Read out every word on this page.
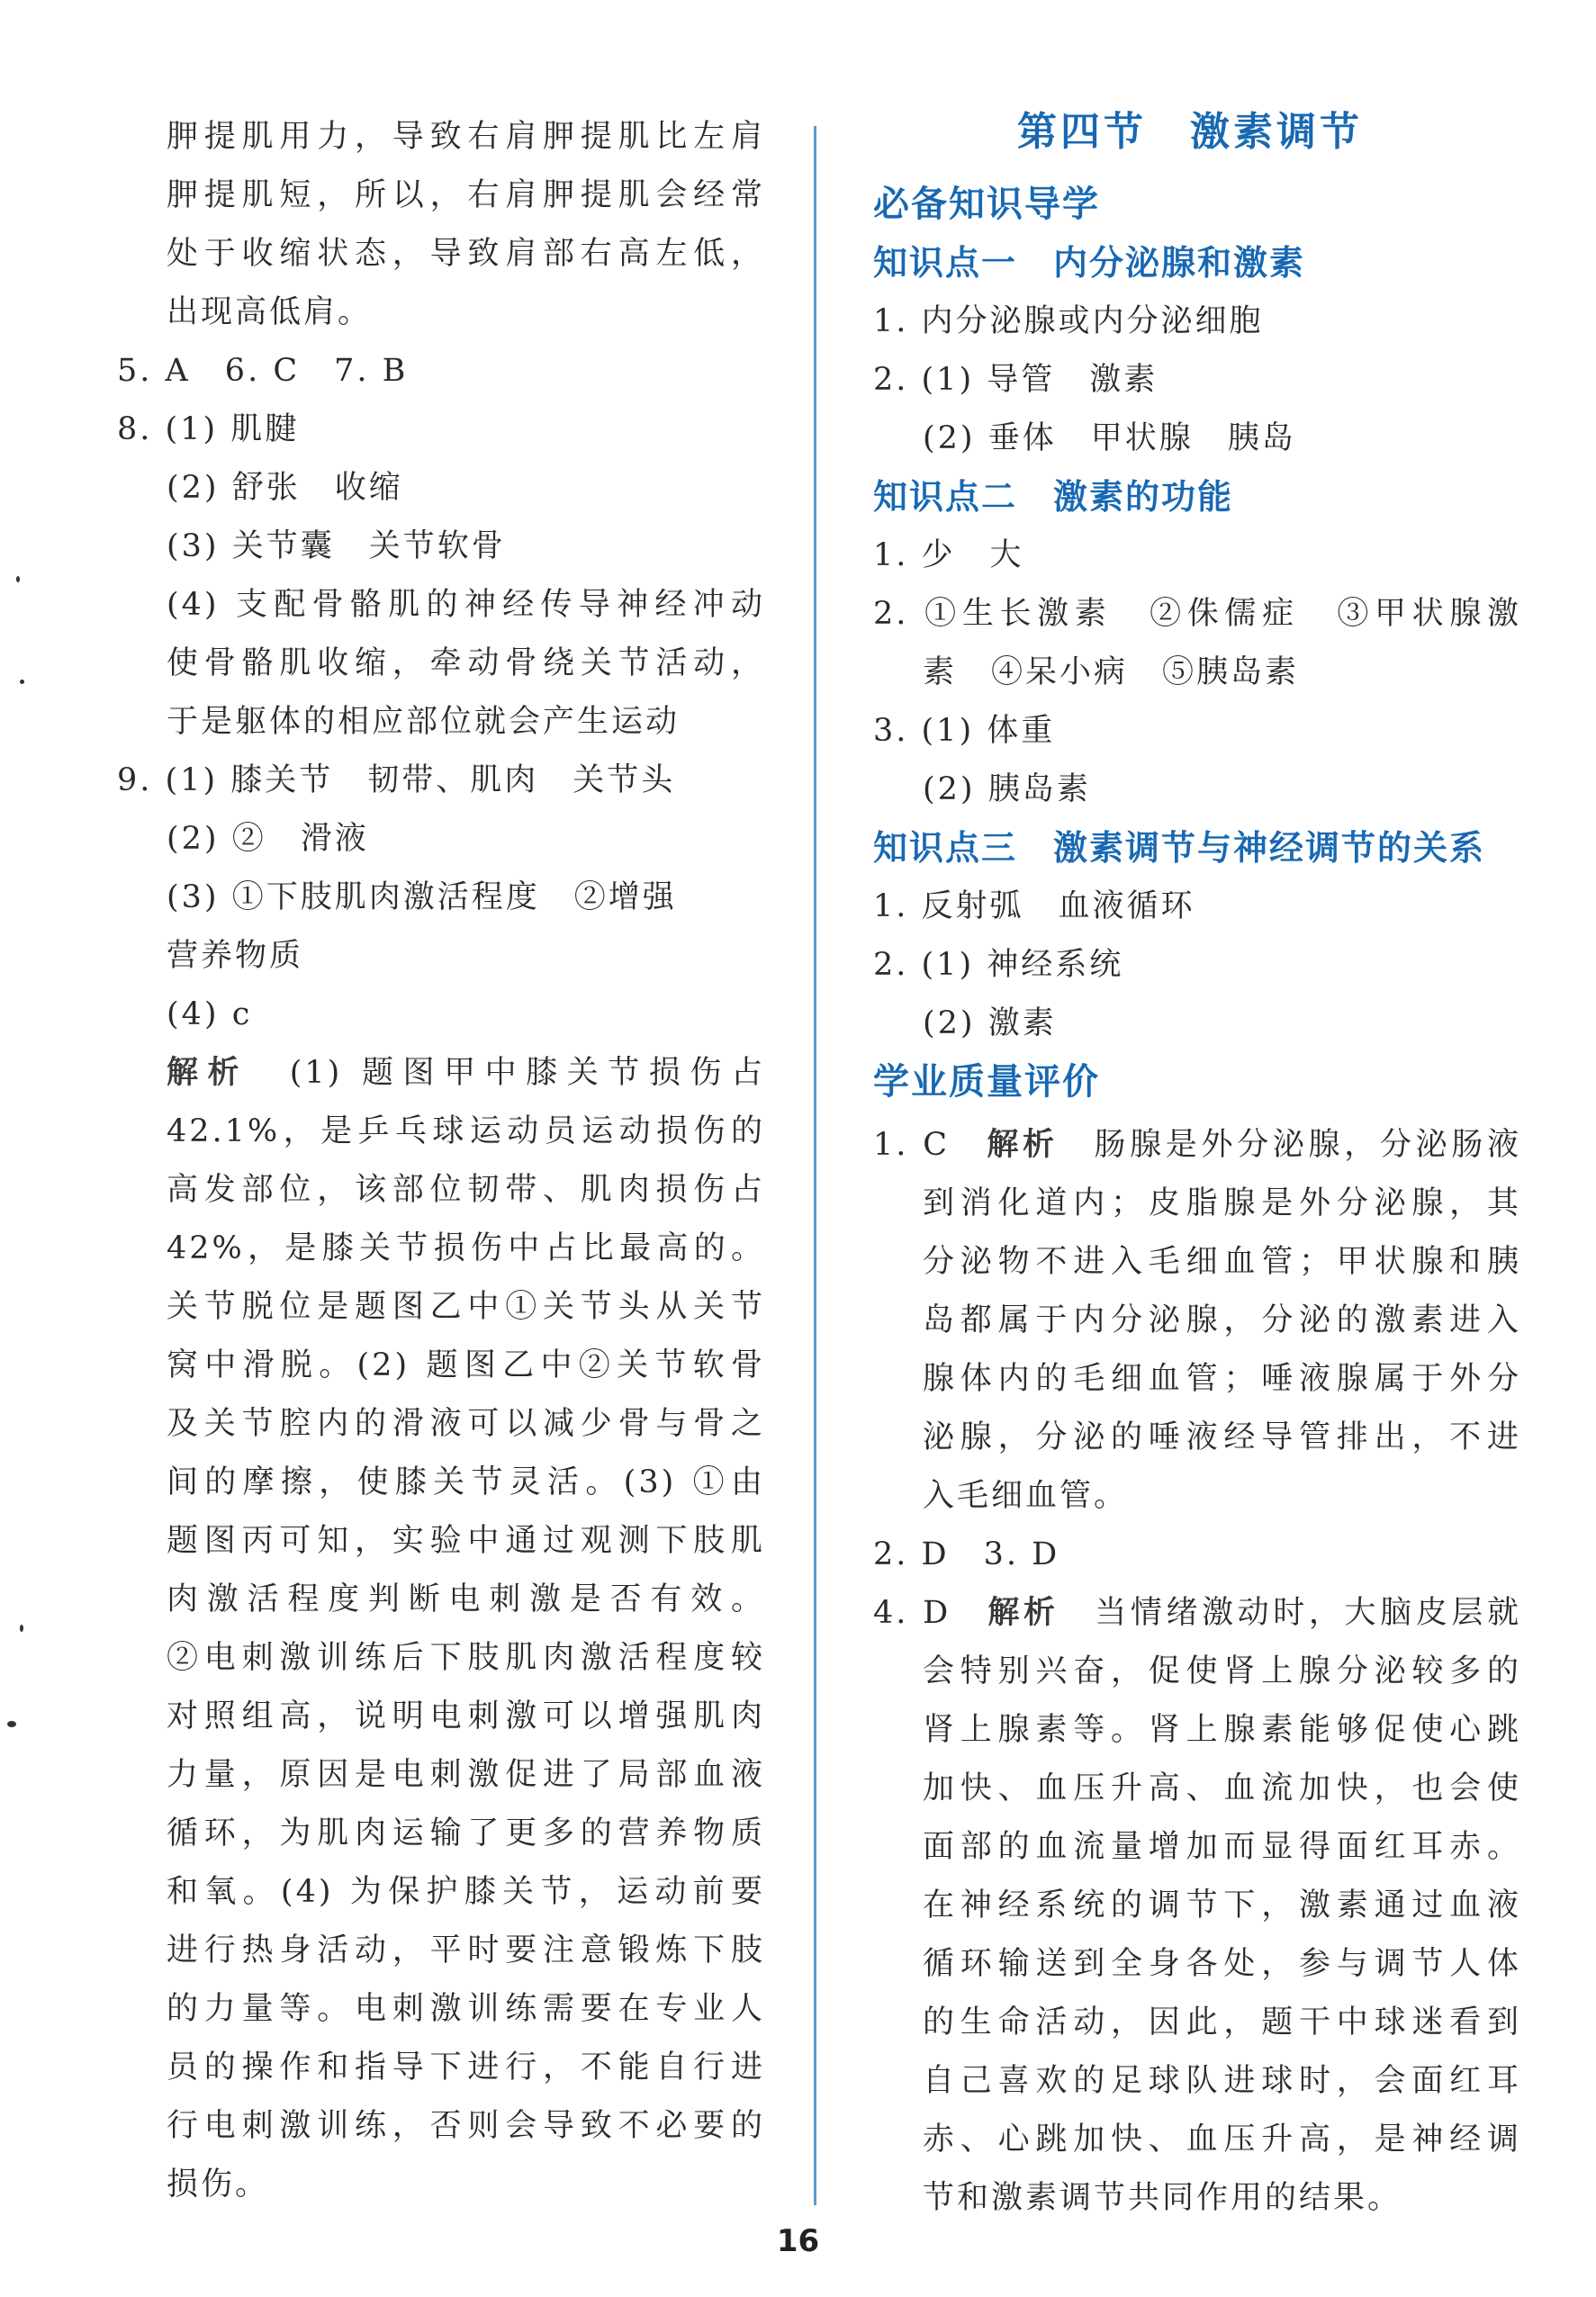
胛提肌用力，导致右肩胛提肌比左肩
胛提肌短，所以，右肩胛提肌会经常
处于收缩状态，导致肩部右高左低，
出现高低肩。
5. A　6. C　7. B
8. (1) 肌腱
(2) 舒张　收缩
(3) 关节囊　关节软骨
(4) 支配骨骼肌的神经传导神经冲动
使骨骼肌收缩，牵动骨绕关节活动，
于是躯体的相应部位就会产生运动
9. (1) 膝关节　韧带、肌肉　关节头
(2) ②　滑液
(3) ①下肢肌肉激活程度　②增强
营养物质
(4) c
解析　 (1) 题图甲中膝关节损伤占
42.1%，是乒乓球运动员运动损伤的
高发部位，该部位韧带、肌肉损伤占
42%，是膝关节损伤中占比最高的。
关节脱位是题图乙中①关节头从关节
窝中滑脱。(2) 题图乙中②关节软骨
及关节腔内的滑液可以减少骨与骨之
间的摩擦，使膝关节灵活。(3) ①由
题图丙可知，实验中通过观测下肢肌
肉激活程度判断电刺激是否有效。
②电刺激训练后下肢肌肉激活程度较
对照组高，说明电刺激可以增强肌肉
力量，原因是电刺激促进了局部血液
循环，为肌肉运输了更多的营养物质
和氧。(4) 为保护膝关节，运动前要
进行热身活动，平时要注意锻炼下肢
的力量等。电刺激训练需要在专业人
员的操作和指导下进行，不能自行进
行电刺激训练，否则会导致不必要的
损伤。
第四节　激素调节
必备知识导学
知识点一　内分泌腺和激素
1. 内分泌腺或内分泌细胞
2. (1) 导管　激素
(2) 垂体　甲状腺　胰岛
知识点二　激素的功能
1. 少　大
2. ①生长激素　②侏儒症　③甲状腺激
素　④呆小病　⑤胰岛素
3. (1) 体重
(2) 胰岛素
知识点三　激素调节与神经调节的关系
1. 反射弧　血液循环
2. (1) 神经系统
(2) 激素
学业质量评价
1. C　 解析　 肠腺是外分泌腺，分泌肠液
到消化道内；皮脂腺是外分泌腺，其
分泌物不进入毛细血管；甲状腺和胰
岛都属于内分泌腺，分泌的激素进入
腺体内的毛细血管；唾液腺属于外分
泌腺，分泌的唾液经导管排出，不进
入毛细血管。
2. D　3. D
4. D　 解析　 当情绪激动时，大脑皮层就
会特别兴奋，促使肾上腺分泌较多的
肾上腺素等。肾上腺素能够促使心跳
加快、血压升高、血流加快，也会使
面部的血流量增加而显得面红耳赤。
在神经系统的调节下，激素通过血液
循环输送到全身各处，参与调节人体
的生命活动，因此，题干中球迷看到
自己喜欢的足球队进球时，会面红耳
赤、心跳加快、血压升高，是神经调
节和激素调节共同作用的结果。
16
